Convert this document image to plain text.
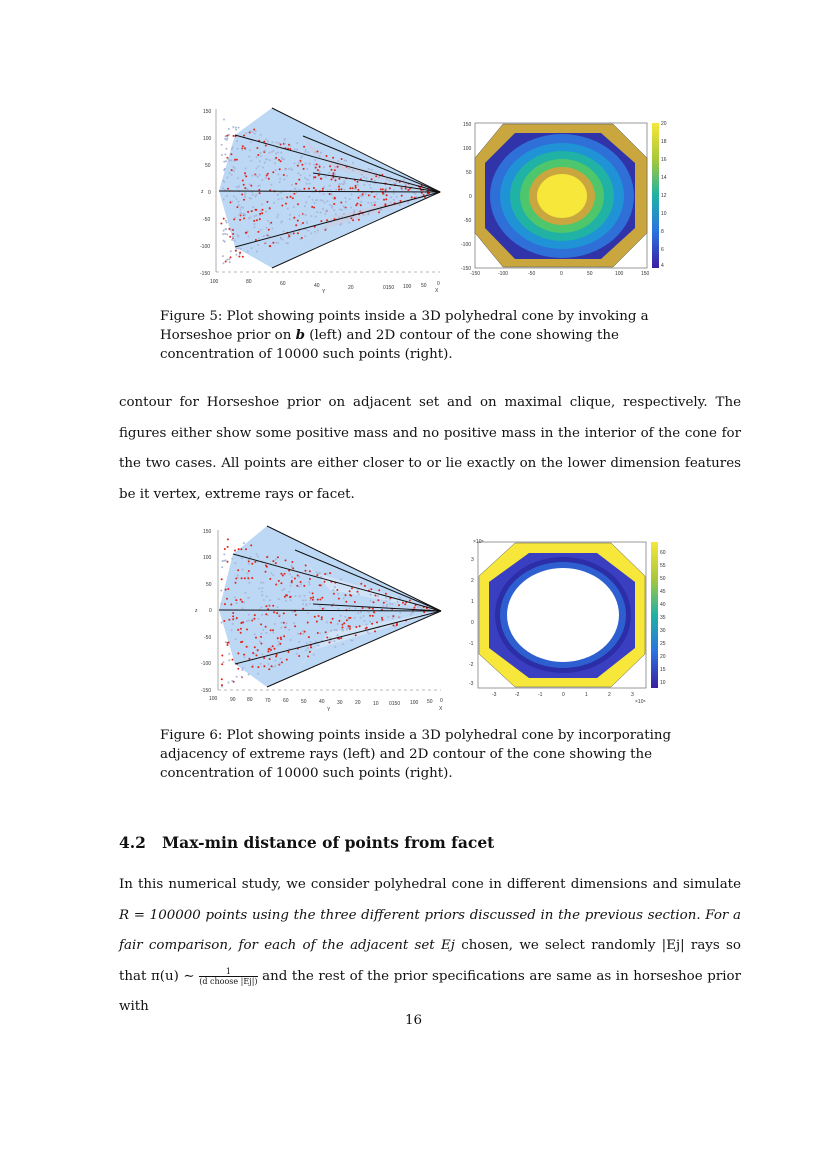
150
100
50
0
-50
-100
-150
z
100	80	60	40	20	0150 100 50 0
Y	X
150
100
50
0
-50
-100
-150
-150	-100	-50	0	50	100	150
20
18
16
14
12
10
8
6
4
Figure 5: Plot showing points inside a 3D polyhedral cone by invoking a Horseshoe prior on b (left) and 2D contour of the cone showing the concentration of 10000 such points (right).
contour for Horseshoe prior on adjacent set and on maximal clique, respectively. The figures either show some positive mass and no positive mass in the interior of the cone for the two cases. All points are either closer to or lie exactly on the lower dimension features be it vertex, extreme rays or facet.
150
100
50
0
-50
-100
-150
z
100	90 80 70 60 50 40 30 20 10 0150 100 50 0
Y	X
×10⁵
3
2
1
0
-1
-2
-3
-3	-2	-1	0	1	2	3
×10⁵
60
55
50
45
40
35
30
25
20
15
10
Figure 6: Plot showing points inside a 3D polyhedral cone by incorporating adjacency of extreme rays (left) and 2D contour of the cone showing the concentration of 10000 such points (right).
4.2 Max-min distance of points from facet
In this numerical study, we consider polyhedral cone in different dimensions and simulate R = 100000 points using the three different priors discussed in the previous section. For a fair comparison, for each of the adjacent set Ej chosen, we select randomly |Ej| rays so that π(u) ∼ $\frac{1}{\text{(d choose |Ej|)}}$ and the rest of the prior specifications are same as in horseshoe prior with
16
